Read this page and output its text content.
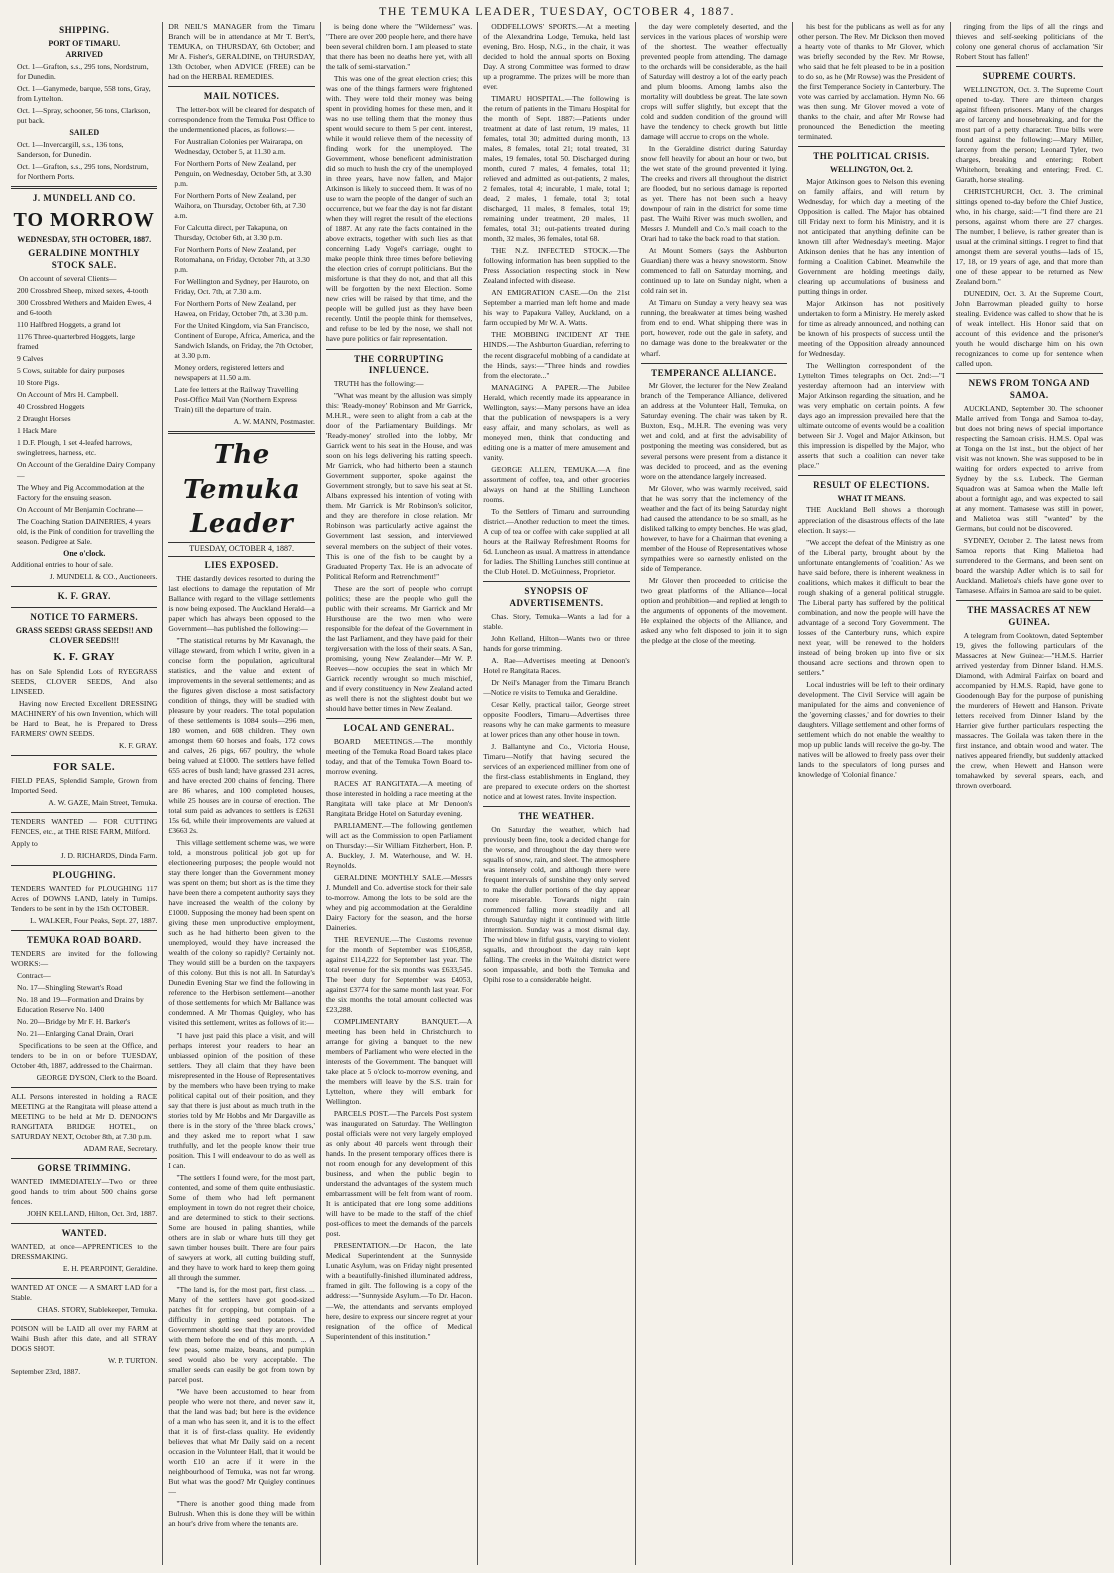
THE TEMUKA LEADER, TUESDAY, OCTOBER 4, 1887.
SHIPPING.
PORT OF TIMARU.
ARRIVED
Oct. 1—Grafton, s.s., 295 tons, Nordstrum, for Dunedin.
Oct. 1—Ganymede, barque, 558 tons, Gray, from Lyttelton.
Oct. 1—Spray, schooner, 56 tons, Clarkson, put back.
SAILED
Oct. 1—Invercargill, s.s., 136 tons, Sanderson, for Dunedin.
Oct. 1—Grafton, s.s., 295 tons, Nordstrum, for Northern Ports.
J. MUNDELL AND CO.
TO MORROW
WEDNESDAY, 5TH OCTOBER, 1887.
GERALDINE MONTHLY STOCK SALE.
On account of several Clients—
200 Crossbred Sheep, mixed sexes, 4-tooth
300 Crossbred Wethers and Maiden Ewes, 4 and 6-tooth
110 Halfbred Hoggets, a grand lot
1176 Three-quarterbred Hoggets, large framed
9 Calves
5 Cows, suitable for dairy purposes
10 Store Pigs.
On Account of Mrs H. Campbell.
40 Crossbred Hoggets
2 Draught Horses
1 Hack Mare
1 D.F. Plough, 1 set 4-leafed harrows, swingletrees, harness, etc.
On Account of the Geraldine Dairy Company—
The Whey and Pig Accommodation at the Factory for the ensuing season.
On Account of Mr Benjamin Cochrane—
The Coaching Station DAINERIES, 4 years old, is the Pink of condition for travelling the season. Pedigree at Sale.
One o'clock.
Additional entries to hour of sale.
J. MUNDELL & CO., Auctioneers.
K. F. GRAY.
NOTICE TO FARMERS.
GRASS SEEDS! GRASS SEEDS!! AND CLOVER SEEDS!!!
K. F. GRAY
has on Sale Splendid Lots of RYEGRASS SEEDS, CLOVER SEEDS, And also LINSEED.
Having now Erected Excellent DRESSING MACHINERY of his own Invention, which will be Hard to Beat, he is Prepared to Dress FARMERS' OWN SEEDS.
K. F. GRAY.
FOR SALE.
FIELD PEAS, Splendid Sample, Grown from Imported Seed.
A. W. GAZE, Main Street, Temuka.
TENDERS WANTED — FOR CUTTING FENCES, etc., at THE RISE FARM, Milford.
Apply to
J. D. RICHARDS, Dinda Farm.
PLOUGHING.
TENDERS WANTED for PLOUGHING 117 Acres of DOWNS LAND, lately in Turnips. Tenders to be sent in by the 15th OCTOBER.
L. WALKER, Four Peaks, Sept. 27, 1887.
TEMUKA ROAD BOARD.
TENDERS are invited for the following WORKS:—
Contract—
No. 17—Shingling Stewart's Road
No. 18 and 19—Formation and Drains by Education Reserve No. 1400
No. 20—Bridge by Mr F. H. Barker's
No. 21—Enlarging Canal Drain, Orari
Specifications to be seen at the Office, and tenders to be in on or before TUESDAY, October 4th, 1887, addressed to the Chairman.
GEORGE DYSON, Clerk to the Board.
ALL Persons interested in holding a RACE MEETING at the Rangitata will please attend a MEETING to be held at Mr D. DENOON'S RANGITATA BRIDGE HOTEL, on SATURDAY NEXT, October 8th, at 7.30 p.m.
ADAM RAE, Secretary.
GORSE TRIMMING.
WANTED IMMEDIATELY—Two or three good hands to trim about 500 chains gorse fences.
JOHN KELLAND, Hilton, Oct. 3rd, 1887.
WANTED.
WANTED, at once—APPRENTICES to the DRESSMAKING.
E. H. PEARPOINT, Geraldine.
WANTED AT ONCE — A SMART LAD for a Stable.
CHAS. STORY, Stablekeeper, Temuka.
POISON will be LAID all over my FARM at Waihi Bush after this date, and all STRAY DOGS SHOT.
W. P. TURTON.
September 23rd, 1887.
DR NEIL'S MANAGER from the Timaru Branch will be in attendance at Mr T. Bert's, TEMUKA, on THURSDAY, 6th October; and Mr A. Fisher's, GERALDINE, on THURSDAY, 13th October, when ADVICE (FREE) can be had on the HERBAL REMEDIES.
MAIL NOTICES.
The letter-box will be cleared for despatch of correspondence from the Temuka Post Office to the undermentioned places, as follows:—
For Australian Colonies per Wairarapa, on Wednesday, October 5, at 11.30 a.m.
For Northern Ports of New Zealand, per Penguin, on Wednesday, October 5th, at 3.30 p.m.
For Northern Ports of New Zealand, per Waihora, on Thursday, October 6th, at 7.30 a.m.
For Calcutta direct, per Takapuna, on Thursday, October 6th, at 3.30 p.m.
For Northern Ports of New Zealand, per Rotomahana, on Friday, October 7th, at 3.30 p.m.
For Wellington and Sydney, per Hauroto, on Friday, Oct. 7th, at 7.30 a.m.
For Northern Ports of New Zealand, per Hawea, on Friday, October 7th, at 3.30 p.m.
For the United Kingdom, via San Francisco, Continent of Europe, Africa, America, and the Sandwich Islands, on Friday, the 7th October, at 3.30 p.m.
Money orders, registered letters and newspapers at 11.50 a.m.
Late fee letters at the Railway Travelling Post-Office Mail Van (Northern Express Train) till the departure of train.
A. W. MANN, Postmaster.
The Temuka Leader
TUESDAY, OCTOBER 4, 1887.
LIES EXPOSED.
THE dastardly devices resorted to during the last elections to damage the reputation of Mr Ballance with regard to the village settlements is now being exposed. The Auckland Herald—a paper which has always been opposed to the Government—has published the following:—
"The statistical returns by Mr Kavanagh, the village steward, from which I write, given in a concise form the population, agricultural statistics, and the value and extent of improvements in the several settlements; and as the figures given disclose a most satisfactory condition of things, they will be studied with pleasure by your readers. The total population of these settlements is 1084 souls—296 men, 180 women, and 608 children. They own amongst them 60 horses and foals, 172 cows and calves, 26 pigs, 667 poultry, the whole being valued at £1000. The settlers have felled 655 acres of bush land; have grassed 231 acres, and have erected 200 chains of fencing. There are 86 whares, and 100 completed houses, while 25 houses are in course of erection. The total sum paid as advances to settlers is £2631 15s 6d, while their improvements are valued at £3663 2s.
This village settlement scheme was, we were told, a monstrous political job got up for electioneering purposes; the people would not stay there longer than the Government money was spent on them; but short as is the time they have been there a competent authority says they have increased the wealth of the colony by £1000. Supposing the money had been spent on giving these men unproductive employment, such as he had hitherto been given to the unemployed, would they have increased the wealth of the colony so rapidly? Certainly not. They would still be a burden on the taxpayers of this colony. But this is not all. In Saturday's Dunedin Evening Star we find the following in reference to the Herbison settlement—another of those settlements for which Mr Ballance was condemned. A Mr Thomas Quigley, who has visited this settlement, writes as follows of it:—
"I have just paid this place a visit, and will perhaps interest your readers to hear an unbiassed opinion of the position of these settlers. They all claim that they have been misrepresented in the House of Representatives by the members who have been trying to make political capital out of their position, and they say that there is just about as much truth in the stories told by Mr Hobbs and Mr Dargaville as there is in the story of the 'three black crows,' and they asked me to report what I saw truthfully, and let the people know their true position. This I will endeavour to do as well as I can.
"The settlers I found were, for the most part, contented, and some of them quite enthusiastic. Some of them who had left permanent employment in town do not regret their choice, and are determined to stick to their sections. Some are housed in paling shanties, while others are in slab or whare huts till they get sawn timber houses built. There are four pairs of sawyers at work, all cutting building stuff, and they have to work hard to keep them going all through the summer.
"The land is, for the most part, first class. ... Many of the settlers have got good-sized patches fit for cropping, but complain of a difficulty in getting seed potatoes. The Government should see that they are provided with them before the end of this month. ... A few peas, some maize, beans, and pumpkin seed would also be very acceptable. The smaller seeds can easily be got from town by parcel post.
"We have been accustomed to hear from people who were not there, and never saw it, that the land was bad; but here is the evidence of a man who has seen it, and it is to the effect that it is of first-class quality. He evidently believes that what Mr Daily said on a recent occasion in the Volunteer Hall, that it would be worth £10 an acre if it were in the neighbourhood of Temuka, was not far wrong. But what was the good? Mr Quigley continues—
"There is another good thing made from Bulrush. When this is done they will be within an hour's drive from where the tenants are.
is being done where the "Wilderness" was. "There are over 200 people here, and there have been several children born. I am pleased to state that there has been no deaths here yet, with all the talk of semi-starvation."
This was one of the great election cries; this was one of the things farmers were frightened with. They were told their money was being spent in providing homes for these men, and it was no use telling them that the money thus spent would secure to them 5 per cent. interest, while it would relieve them of the necessity of finding work for the unemployed. The Government, whose beneficent administration did so much to hush the cry of the unemployed in three years, have now fallen, and Major Atkinson is likely to succeed them. It was of no use to warn the people of the danger of such an occurrence, but we fear the day is not far distant when they will regret the result of the elections of 1887. At any rate the facts contained in the above extracts, together with such lies as that concerning Lady Vogel's carriage, ought to make people think three times before believing the election cries of corrupt politicians. But the misfortune is that they do not, and that all this will be forgotten by the next Election. Some new cries will be raised by that time, and the people will be gulled just as they have been recently. Until the people think for themselves, and refuse to be led by the nose, we shall not have pure politics or fair representation.
THE CORRUPTING INFLUENCE.
TRUTH has the following:—
"What was meant by the allusion was simply this: 'Ready-money' Robinson and Mr Garrick, M.H.R., were seen to alight from a cab at the door of the Parliamentary Buildings. Mr 'Ready-money' strolled into the lobby, Mr Garrick went to his seat in the House, and was soon on his legs delivering his ratting speech. Mr Garrick, who had hitherto been a staunch Government supporter, spoke against the Government strongly, but to save his seat at St. Albans expressed his intention of voting with them. Mr Garrick is Mr Robinson's solicitor, and they are therefore in close relation. Mr Robinson was particularly active against the Government last session, and interviewed several members on the subject of their votes. This is one of the fish to be caught by a Graduated Property Tax. He is an advocate of Political Reform and Retrenchment!"
These are the sort of people who corrupt politics; these are the people who gull the public with their screams. Mr Garrick and Mr Hursthouse are the two men who were responsible for the defeat of the Government in the last Parliament, and they have paid for their tergiversation with the loss of their seats. A San, promising, young New Zealander—Mr W. P. Reeves—now occupies the seat in which Mr Garrick recently wrought so much mischief, and if every constituency in New Zealand acted as well there is not the slightest doubt but we should have better times in New Zealand.
LOCAL AND GENERAL.
BOARD MEETINGS.—The monthly meeting of the Temuka Road Board takes place today, and that of the Temuka Town Board to-morrow evening.
RACES AT RANGITATA.—A meeting of those interested in holding a race meeting at the Rangitata will take place at Mr Denoon's Rangitata Bridge Hotel on Saturday evening.
PARLIAMENT.—The following gentlemen will act as the Commission to open Parliament on Thursday:—Sir William Fitzherbert, Hon. P. A. Buckley, J. M. Waterhouse, and W. H. Reynolds.
GERALDINE MONTHLY SALE.—Messrs J. Mundell and Co. advertise stock for their sale to-morrow. Among the lots to be sold are the whey and pig accommodation at the Geraldine Dairy Factory for the season, and the horse Daineries.
THE REVENUE.—The Customs revenue for the month of September was £106,858, against £114,222 for September last year. The total revenue for the six months was £633,545. The beer duty for September was £4053, against £3774 for the same month last year. For the six months the total amount collected was £23,288.
COMPLIMENTARY BANQUET.—A meeting has been held in Christchurch to arrange for giving a banquet to the new members of Parliament who were elected in the interests of the Government. The banquet will take place at 5 o'clock to-morrow evening, and the members will leave by the S.S. train for Lyttelton, where they will embark for Wellington.
PARCELS POST.—The Parcels Post system was inaugurated on Saturday. The Wellington postal officials were not very largely employed as only about 40 parcels went through their hands. In the present temporary offices there is not room enough for any development of this business, and when the public begin to understand the advantages of the system much embarrassment will be felt from want of room. It is anticipated that ere long some additions will have to be made to the staff of the chief post-offices to meet the demands of the parcels post.
PRESENTATION.—Dr Hacon, the late Medical Superintendent at the Sunnyside Lunatic Asylum, was on Friday night presented with a beautifully-finished illuminated address, framed in gilt. The following is a copy of the address:—"Sunnyside Asylum.—To Dr. Hacon.—We, the attendants and servants employed here, desire to express our sincere regret at your resignation of the office of Medical Superintendent of this institution."
ODDFELLOWS' SPORTS.—At a meeting of the Alexandrina Lodge, Temuka, held last evening, Bro. Hosp, N.G., in the chair, it was decided to hold the annual sports on Boxing Day. A strong Committee was formed to draw up a programme. The prizes will be more than ever.
TIMARU HOSPITAL.—The following is the return of patients in the Timaru Hospital for the month of Sept. 1887:—Patients under treatment at date of last return, 19 males, 11 females, total 30; admitted during month, 13 males, 8 females, total 21; total treated, 31 males, 19 females, total 50. Discharged during month, cured 7 males, 4 females, total 11; relieved and admitted as out-patients, 2 males, 2 females, total 4; incurable, 1 male, total 1; dead, 2 males, 1 female, total 3; total discharged, 11 males, 8 females, total 19; remaining under treatment, 20 males, 11 females, total 31; out-patients treated during month, 32 males, 36 females, total 68.
THE N.Z. INFECTED STOCK.—The following information has been supplied to the Press Association respecting stock in New Zealand infected with disease.
AN EMIGRATION CASE.—On the 21st September a married man left home and made his way to Papakura Valley, Auckland, on a farm occupied by Mr W. A. Watts.
THE MOBBING INCIDENT AT THE HINDS.—The Ashburton Guardian, referring to the recent disgraceful mobbing of a candidate at the Hinds, says:—"Three hinds and rowdies from the electorate..."
MANAGING A PAPER.—The Jubilee Herald, which recently made its appearance in Wellington, says:—Many persons have an idea that the publication of newspapers is a very easy affair, and many scholars, as well as moneyed men, think that conducting and editing one is a matter of mere amusement and vanity.
GEORGE ALLEN, TEMUKA.—A fine assortment of coffee, tea, and other groceries always on hand at the Shilling Luncheon rooms.
To the Settlers of Timaru and surrounding district.—Another reduction to meet the times. A cup of tea or coffee with cake supplied at all hours at the Railway Refreshment Rooms for 6d. Luncheon as usual. A mattress in attendance for ladies. The Shilling Lunches still continue at the Club Hotel. D. McGuinness, Proprietor.
SYNOPSIS OF ADVERTISEMENTS.
Chas. Story, Temuka—Wants a lad for a stable.
John Kelland, Hilton—Wants two or three hands for gorse trimming.
A. Rae—Advertises meeting at Denoon's Hotel re Rangitata Races.
Dr Neil's Manager from the Timaru Branch—Notice re visits to Temuka and Geraldine.
Cesar Kelly, practical tailor, George street opposite Foodlers, Timaru—Advertises three reasons why he can make garments to measure at lower prices than any other house in town.
J. Ballantyne and Co., Victoria House, Timaru—Notify that having secured the services of an experienced milliner from one of the first-class establishments in England, they are prepared to execute orders on the shortest notice and at lowest rates. Invite inspection.
THE WEATHER.
On Saturday the weather, which had previously been fine, took a decided change for the worse, and throughout the day there were squalls of snow, rain, and sleet. The atmosphere was intensely cold, and although there were frequent intervals of sunshine they only served to make the duller portions of the day appear more miserable. Towards night rain commenced falling more steadily and all through Saturday night it continued with little intermission. Sunday was a most dismal day. The wind blew in fitful gusts, varying to violent squalls, and throughout the day rain kept falling. The creeks in the Waitohi district were soon impassable, and both the Temuka and Opihi rose to a considerable height.
the day were completely deserted, and the services in the various places of worship were of the shortest. The weather effectually prevented people from attending. The damage to the orchards will be considerable, as the hail of Saturday will destroy a lot of the early peach and plum blooms. Among lambs also the mortality will doubtless be great. The late sown crops will suffer slightly, but except that the cold and sudden condition of the ground will have the tendency to check growth but little damage will accrue to crops on the whole.
In the Geraldine district during Saturday snow fell heavily for about an hour or two, but the wet state of the ground prevented it lying. The creeks and rivers all throughout the district are flooded, but no serious damage is reported as yet. There has not been such a heavy downpour of rain in the district for some time past. The Waihi River was much swollen, and Messrs J. Mundell and Co.'s mail coach to the Orari had to take the back road to that station.
At Mount Somers (says the Ashburton Guardian) there was a heavy snowstorm. Snow commenced to fall on Saturday morning, and continued up to late on Sunday night, when a cold rain set in.
At Timaru on Sunday a very heavy sea was running, the breakwater at times being washed from end to end. What shipping there was in port, however, rode out the gale in safety, and no damage was done to the breakwater or the wharf.
TEMPERANCE ALLIANCE.
Mr Glover, the lecturer for the New Zealand branch of the Temperance Alliance, delivered an address at the Volunteer Hall, Temuka, on Saturday evening. The chair was taken by R. Buxton, Esq., M.H.R. The evening was very wet and cold, and at first the advisability of postponing the meeting was considered, but as several persons were present from a distance it was decided to proceed, and as the evening wore on the attendance largely increased.
Mr Glover, who was warmly received, said that he was sorry that the inclemency of the weather and the fact of its being Saturday night had caused the attendance to be so small, as he disliked talking to empty benches. He was glad, however, to have for a Chairman that evening a member of the House of Representatives whose sympathies were so earnestly enlisted on the side of Temperance.
Mr Glover then proceeded to criticise the two great platforms of the Alliance—local option and prohibition—and replied at length to the arguments of opponents of the movement. He explained the objects of the Alliance, and asked any who felt disposed to join it to sign the pledge at the close of the meeting.
his best for the publicans as well as for any other person. The Rev. Mr Dickson then moved a hearty vote of thanks to Mr Glover, which was briefly seconded by the Rev. Mr Rowse, who said that he felt pleased to be in a position to do so, as he (Mr Rowse) was the President of the first Temperance Society in Canterbury. The vote was carried by acclamation. Hymn No. 66 was then sung. Mr Glover moved a vote of thanks to the chair, and after Mr Rowse had pronounced the Benediction the meeting terminated.
THE POLITICAL CRISIS.
WELLINGTON, Oct. 2.
Major Atkinson goes to Nelson this evening on family affairs, and will return by Wednesday, for which day a meeting of the Opposition is called. The Major has obtained till Friday next to form his Ministry, and it is not anticipated that anything definite can be known till after Wednesday's meeting. Major Atkinson denies that he has any intention of forming a Coalition Cabinet. Meanwhile the Government are holding meetings daily, clearing up accumulations of business and putting things in order.
Major Atkinson has not positively undertaken to form a Ministry. He merely asked for time as already announced, and nothing can be known of his prospects of success until the meeting of the Opposition already announced for Wednesday.
The Wellington correspondent of the Lyttelton Times telegraphs on Oct. 2nd:—"I yesterday afternoon had an interview with Major Atkinson regarding the situation, and he was very emphatic on certain points. A few days ago an impression prevailed here that the ultimate outcome of events would be a coalition between Sir J. Vogel and Major Atkinson, but this impression is dispelled by the Major, who asserts that such a coalition can never take place."
RESULT OF ELECTIONS.
WHAT IT MEANS.
THE Auckland Bell shows a thorough appreciation of the disastrous effects of the late election. It says:—
"We accept the defeat of the Ministry as one of the Liberal party, brought about by the unfortunate entanglements of 'coalition.' As we have said before, there is inherent weakness in coalitions, which makes it difficult to bear the rough shaking of a general political struggle. The Liberal party has suffered by the political combination, and now the people will have the advantage of a second Tory Government. The losses of the Canterbury runs, which expire next year, will be renewed to the holders instead of being broken up into five or six thousand acre sections and thrown open to settlers."
Local industries will be left to their ordinary development. The Civil Service will again be manipulated for the aims and convenience of the 'governing classes,' and for dowries to their daughters. Village settlement and other forms of settlement which do not enable the wealthy to mop up public lands will receive the go-by. The natives will be allowed to freely pass over their lands to the speculators of long purses and knowledge of 'Colonial finance.'
ringing from the lips of all the rings and thieves and self-seeking politicians of the colony one general chorus of acclamation 'Sir Robert Stout has fallen!'
SUPREME COURTS.
WELLINGTON, Oct. 3. The Supreme Court opened to-day. There are thirteen charges against fifteen prisoners. Many of the charges are of larceny and housebreaking, and for the most part of a petty character. True bills were found against the following:—Mary Miller, larceny from the person; Leonard Tyler, two charges, breaking and entering; Robert Whitehorn, breaking and entering; Fred. C. Garath, horse stealing.
CHRISTCHURCH, Oct. 3. The criminal sittings opened to-day before the Chief Justice, who, in his charge, said:—"I find there are 21 persons, against whom there are 27 charges. The number, I believe, is rather greater than is usual at the criminal sittings. I regret to find that amongst them are several youths—lads of 15, 17, 18, or 19 years of age, and that more than one of these appear to be returned as New Zealand born."
DUNEDIN, Oct. 3. At the Supreme Court, John Barrowman pleaded guilty to horse stealing. Evidence was called to show that he is of weak intellect. His Honor said that on account of this evidence and the prisoner's youth he would discharge him on his own recognizances to come up for sentence when called upon.
NEWS FROM TONGA AND SAMOA.
AUCKLAND, September 30. The schooner Malle arrived from Tonga and Samoa to-day, but does not bring news of special importance respecting the Samoan crisis. H.M.S. Opal was at Tonga on the 1st inst., but the object of her visit was not known. She was supposed to be in waiting for orders expected to arrive from Sydney by the s.s. Lubeck. The German Squadron was at Samoa when the Malle left about a fortnight ago, and was expected to sail at any moment. Tamasese was still in power, and Malietoa was still "wanted" by the Germans, but could not be discovered.
SYDNEY, October 2. The latest news from Samoa reports that King Malietoa had surrendered to the Germans, and been sent on board the warship Adler which is to sail for Auckland. Malietoa's chiefs have gone over to Tamasese. Affairs in Samoa are said to be quiet.
THE MASSACRES AT NEW GUINEA.
A telegram from Cooktown, dated September 19, gives the following particulars of the Massacres at New Guinea:—"H.M.S. Harrier arrived yesterday from Dinner Island. H.M.S. Diamond, with Admiral Fairfax on board and accompanied by H.M.S. Rapid, have gone to Goodenough Bay for the purpose of punishing the murderers of Hewett and Hanson. Private letters received from Dinner Island by the Harrier give further particulars respecting the massacres. The Goilala was taken there in the first instance, and obtain wood and water. The natives appeared friendly, but suddenly attacked the crew, when Hewett and Hanson were tomahawked by several spears, each, and thrown overboard.
